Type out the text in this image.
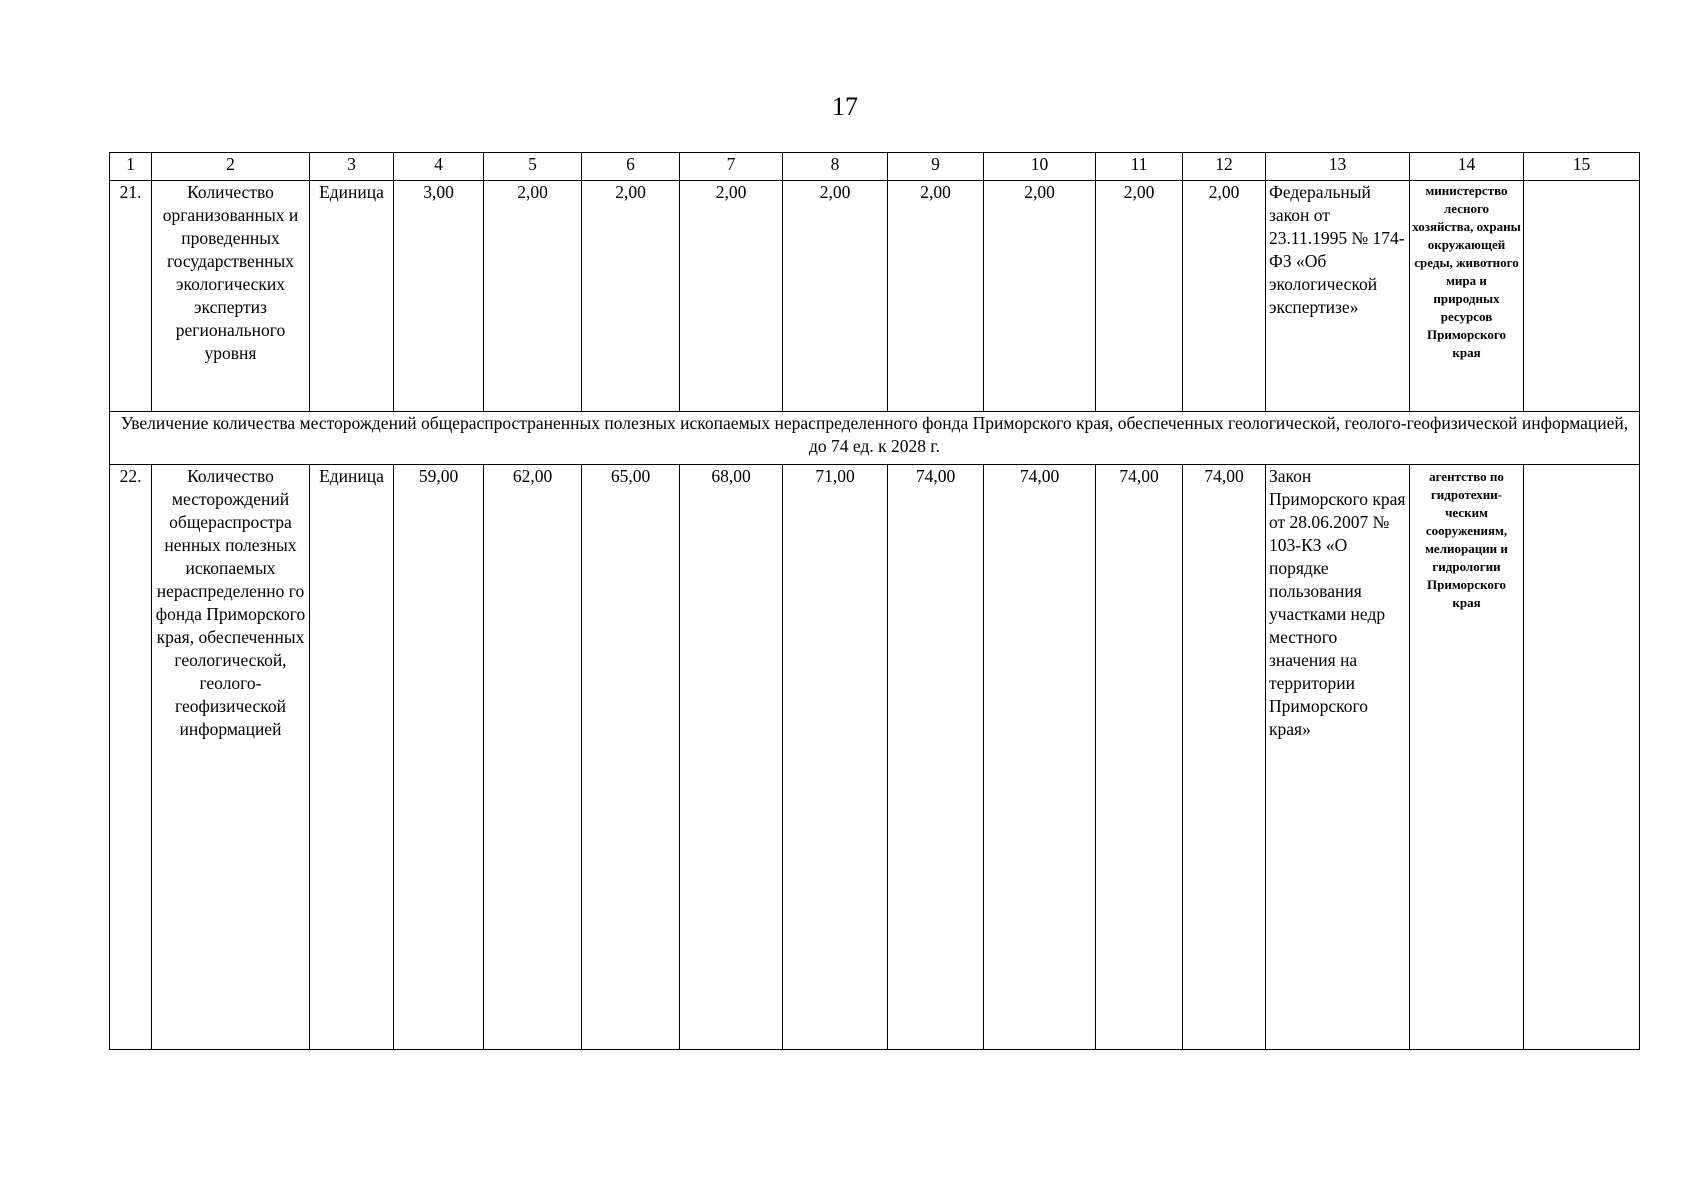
17
1	2	3	4	5	6	7	8	9	10	11	12	13	14	15
21.	Количество организованных и проведенных государственных экологических экспертиз регионального уровня	Единица	3,00	2,00	2,00	2,00	2,00	2,00	2,00	2,00	2,00	Федеральный закон от 23.11.1995 № 174-ФЗ «Об экологической экспертизе»	министерство лесного хозяйства, охраны окружающей среды, животного мира и природных ресурсов Приморского края	
Увеличение количества месторождений общераспространенных полезных ископаемых нераспределенного фонда Приморского края, обеспеченных геологической, геолого-геофизической информацией, до 74 ед. к 2028 г.														
22.	Количество месторождений общераспростра ненных полезных ископаемых нераспределенно го фонда Приморского края, обеспеченных геологической, геолого-геофизической информацией	Единица	59,00	62,00	65,00	68,00	71,00	74,00	74,00	74,00	74,00	Закон Приморского края от 28.06.2007 № 103-КЗ «О порядке пользования участками недр местного значения на территории Приморского края»	агентство по гидротехни-ческим сооружениям, мелиорации и гидрологии Приморского края	
